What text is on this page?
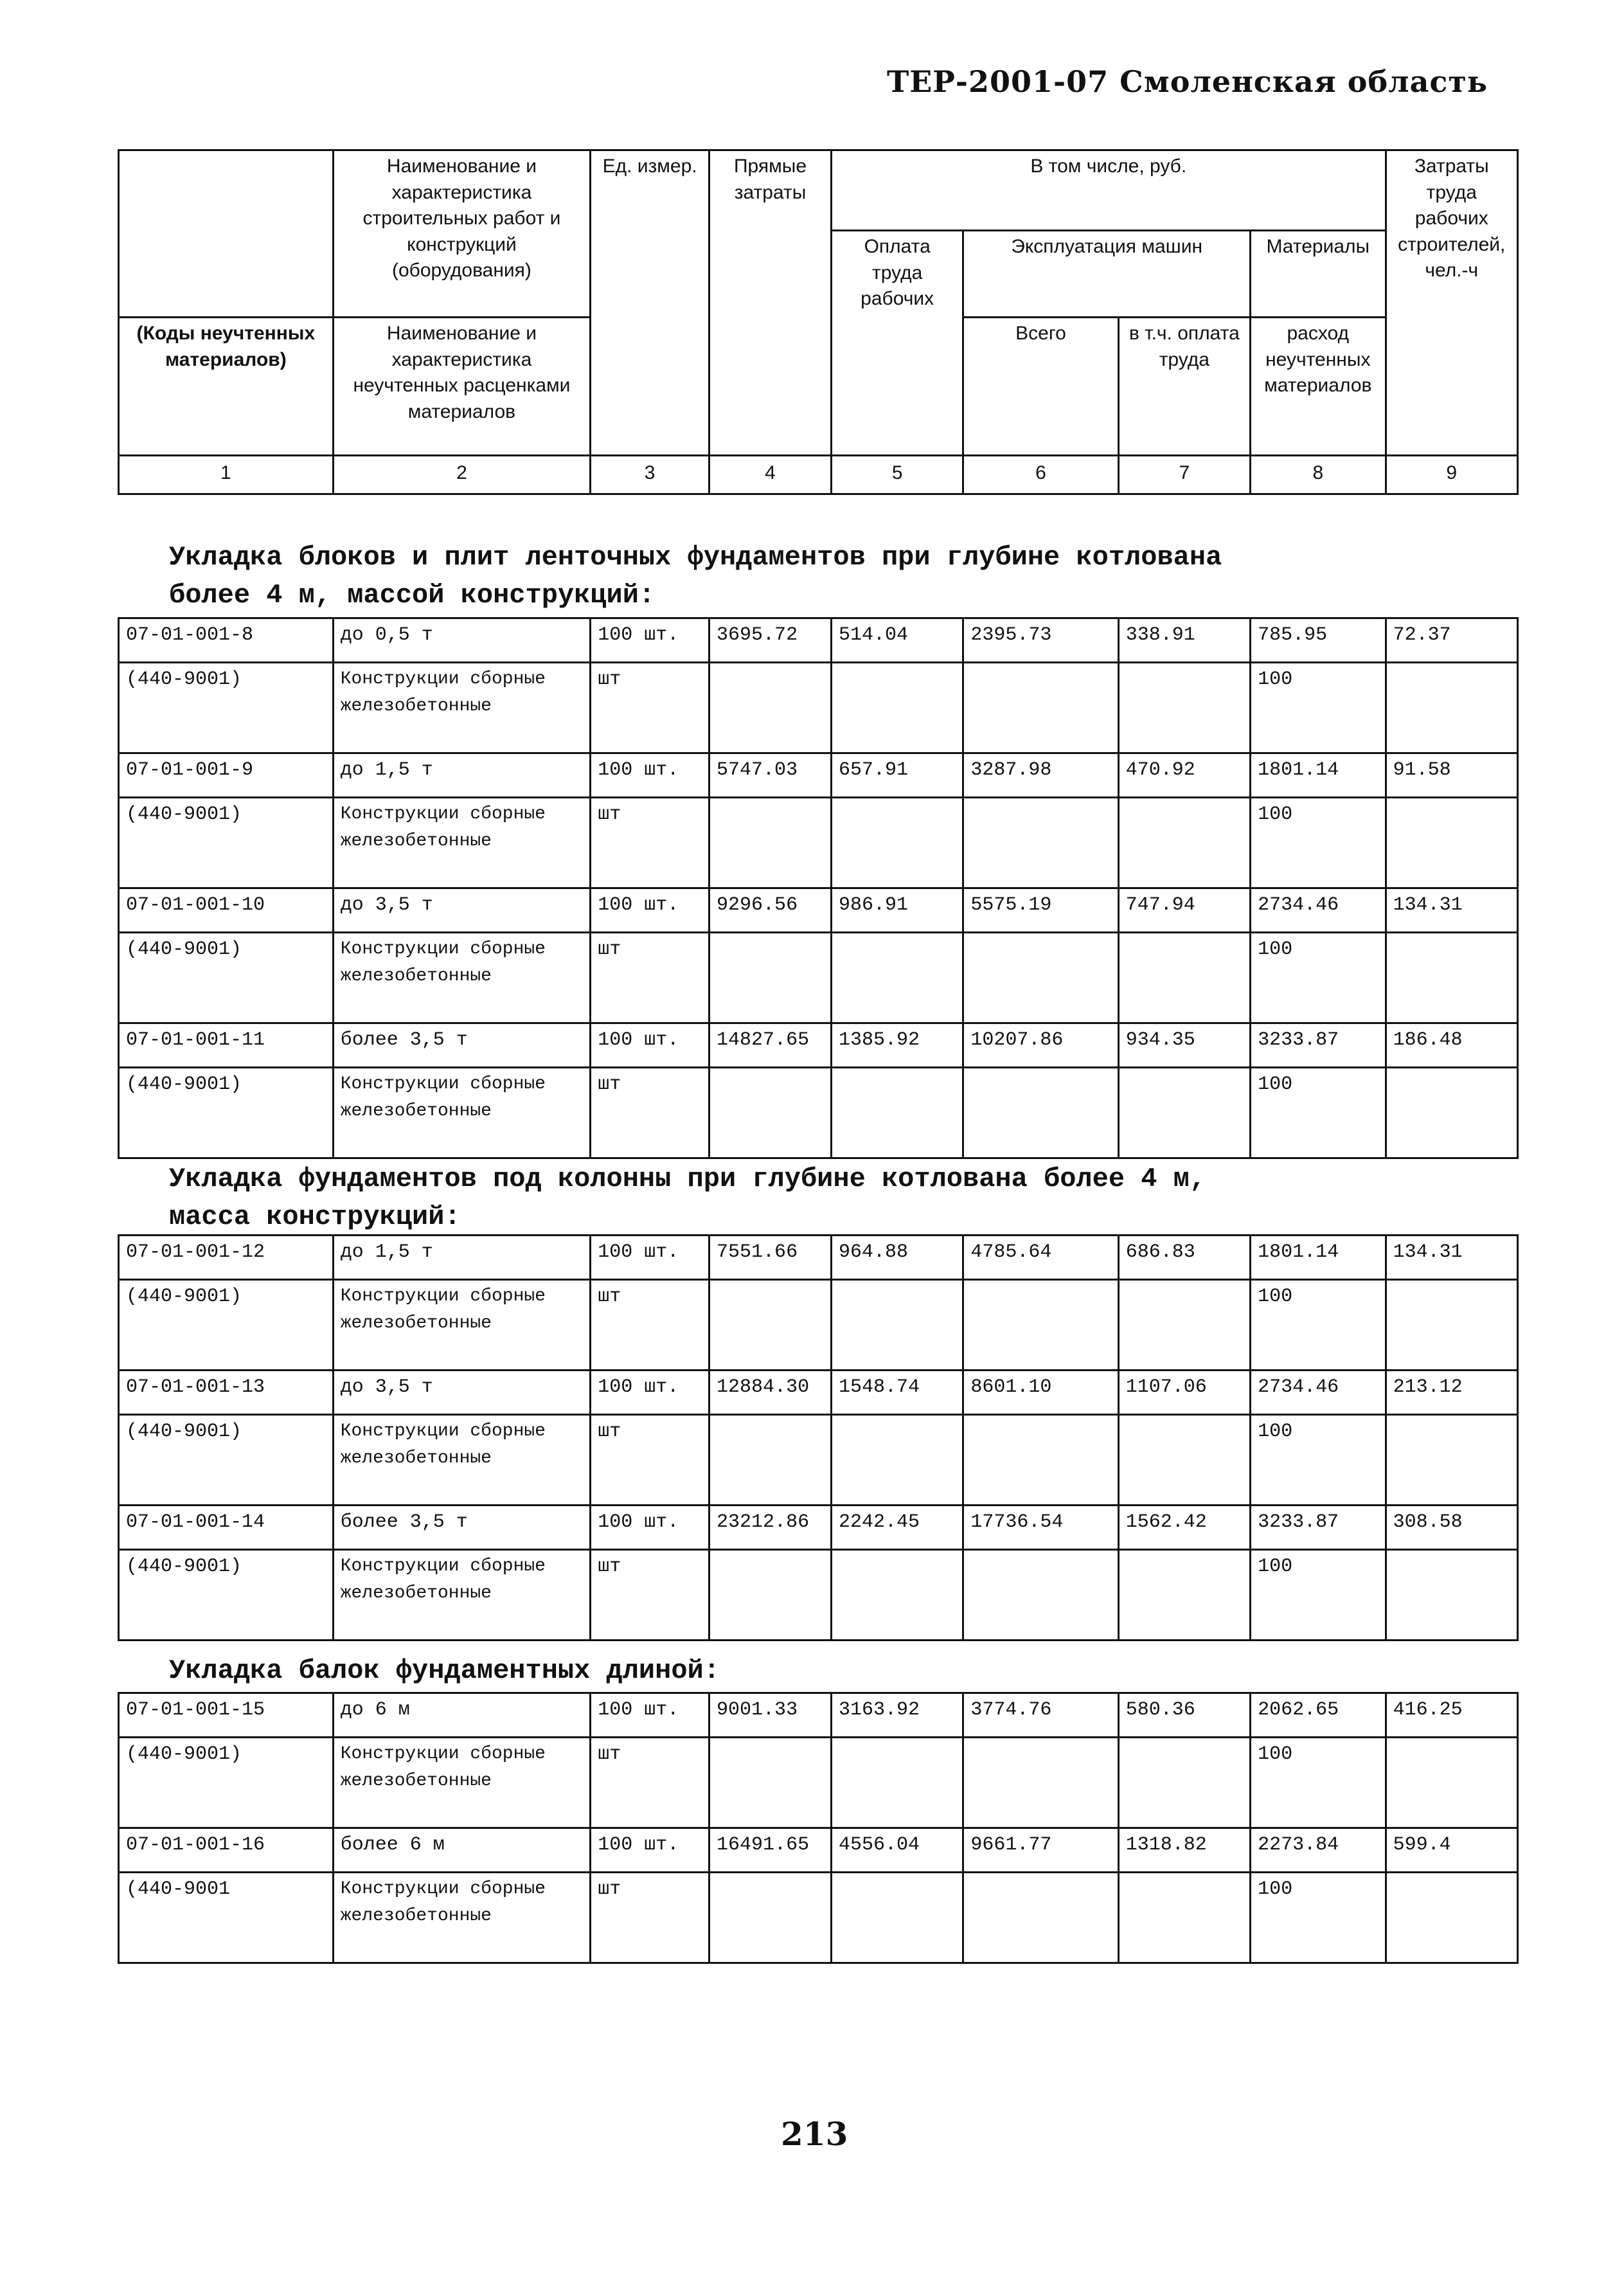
ТЕР-2001-07 Смоленская область
	Наименование и характеристика строительных работ и конструкций (оборудования)	Ед. измер.	Прямые затраты	В том числе, руб.				Затраты труда рабочих строителей, чел.-ч
				Оплата труда рабочих	Эксплуатация машин		Материалы	
(Коды неучтенных материалов)	Наименование и характеристика неучтенных расценками материалов				Всего	в т.ч. оплата труда	расход неучтенных материалов	
1	2	3	4	5	6	7	8	9
Укладка блоков и плит ленточных фундаментов при глубине котлована
более 4 м, массой конструкций:
07-01-001-8	до 0,5 т	100 шт.	3695.72	514.04	2395.73	338.91	785.95	72.37
(440-9001)	Конструкции сборные железобетонные	шт					100	
07-01-001-9	до 1,5 т	100 шт.	5747.03	657.91	3287.98	470.92	1801.14	91.58
(440-9001)	Конструкции сборные железобетонные	шт					100	
07-01-001-10	до 3,5 т	100 шт.	9296.56	986.91	5575.19	747.94	2734.46	134.31
(440-9001)	Конструкции сборные железобетонные	шт					100	
07-01-001-11	более 3,5 т	100 шт.	14827.65	1385.92	10207.86	934.35	3233.87	186.48
(440-9001)	Конструкции сборные железобетонные	шт					100	
Укладка фундаментов под колонны при глубине котлована более 4 м,
масса конструкций:
07-01-001-12	до 1,5 т	100 шт.	7551.66	964.88	4785.64	686.83	1801.14	134.31
(440-9001)	Конструкции сборные железобетонные	шт					100	
07-01-001-13	до 3,5 т	100 шт.	12884.30	1548.74	8601.10	1107.06	2734.46	213.12
(440-9001)	Конструкции сборные железобетонные	шт					100	
07-01-001-14	более 3,5 т	100 шт.	23212.86	2242.45	17736.54	1562.42	3233.87	308.58
(440-9001)	Конструкции сборные железобетонные	шт					100	
Укладка балок фундаментных длиной:
07-01-001-15	до 6 м	100 шт.	9001.33	3163.92	3774.76	580.36	2062.65	416.25
(440-9001)	Конструкции сборные железобетонные	шт					100	
07-01-001-16	более 6 м	100 шт.	16491.65	4556.04	9661.77	1318.82	2273.84	599.4
(440-9001	Конструкции сборные железобетонные	шт					100	
213
